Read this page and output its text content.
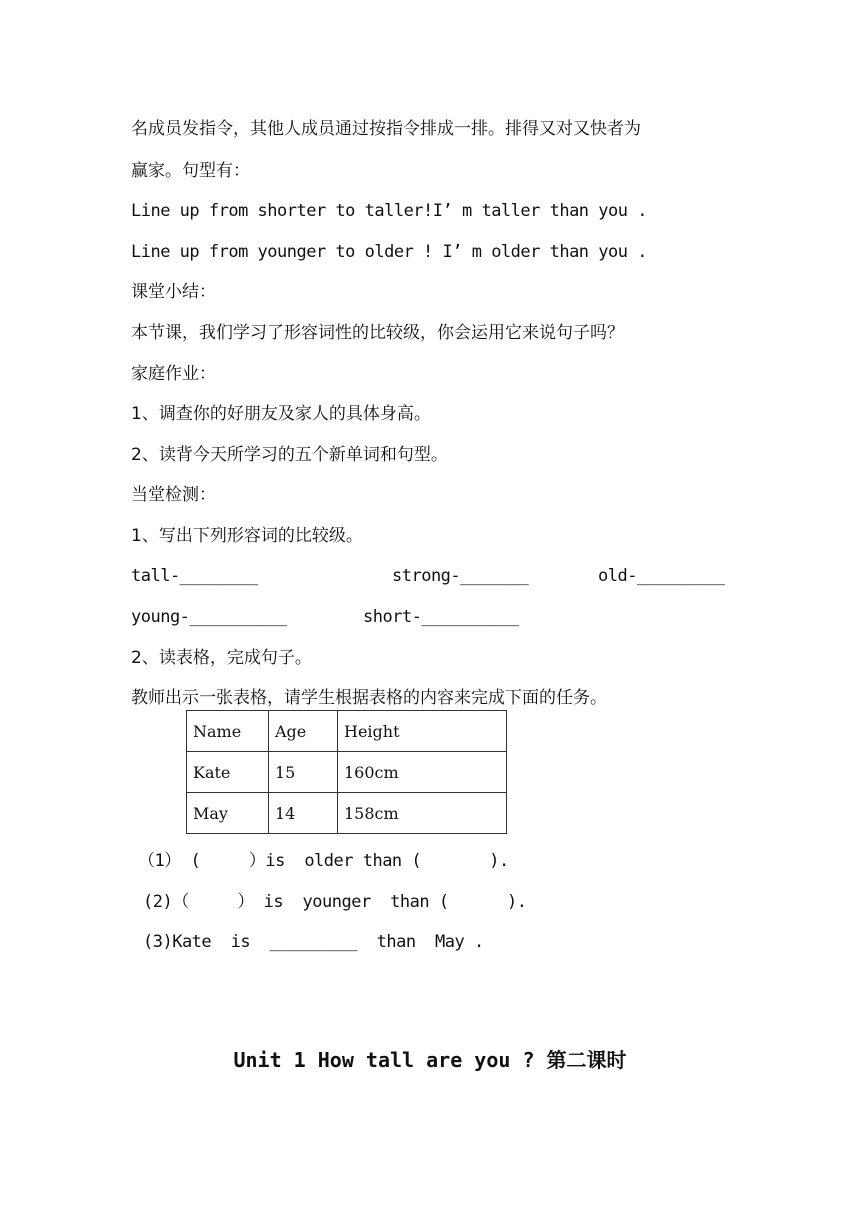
名成员发指令，其他人成员通过按指令排成一排。排得又对又快者为
赢家。句型有：
Line up from shorter to taller!I’ m taller than you .
Line up from younger to older ! I’ m older than you .
课堂小结：
本节课，我们学习了形容词性的比较级，你会运用它来说句子吗？
家庭作业：
1、调查你的好朋友及家人的具体身高。
2、读背今天所学习的五个新单词和句型。
当堂检测：
1、写出下列形容词的比较级。
tall-________	strong-_______	old-_________
young-__________	short-__________
2、读表格，完成句子。
教师出示一张表格，请学生根据表格的内容来完成下面的任务。
Name	Age	Height
Kate	15	160cm
May	14	158cm
（1） (     ）is  older than (       ).
(2)（     ） is  younger  than (      ).
(3)Kate  is  _________  than  May .
Unit 1 How tall are you ? 第二课时
